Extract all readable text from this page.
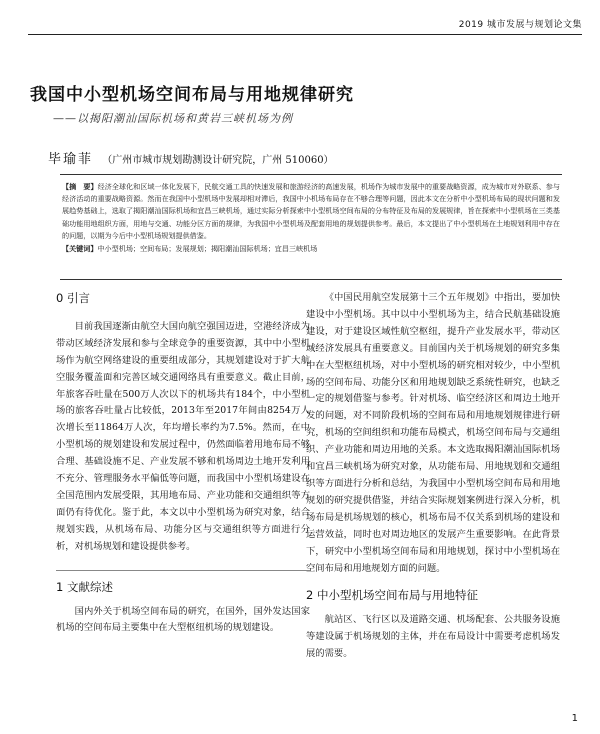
2019 城市发展与规划论文集
我国中小型机场空间布局与用地规律研究
——以揭阳潮汕国际机场和黄岩三峡机场为例
毕瑜菲 （广州市城市规划勘测设计研究院，广州 510060）
【摘　要】经济全球化和区域一体化发展下，民航交通工具的快速发展和旅游经济的高速发展，机场作为城市发展中的重要战略资源，成为城市对外联系、参与经济活动的重要战略资源。然而在我国中小型机场中发展却相对滞后，我国中小机场布局存在不够合理等问题，因此本文在分析中小型机场布局的现状问题和发展趋势基础上，选取了揭阳潮汕国际机场和宜昌三峡机场，通过实际分析探索中小型机场空间布局的分布特征及布局的发展规律，旨在探索中小型机场在三类基础功能用地组织方面，用地与交通、功能分区方面的规律，为我国中小型机场及配套用地的规划提供参考。最后，本文提出了中小型机场在土地规划利用中存在的问题，以期为今后中小型机场规划提供借鉴。
【关键词】中小型机场；空间布局；发展规划；揭阳潮汕国际机场；宜昌三峡机场
0 引言

目前我国逐渐由航空大国向航空强国迈进，空港经济成为带动区域经济发展和参与全球竞争的重要资源，其中中小型机场作为航空网络建设的重要组成部分，其规划建设对于扩大航空服务覆盖面和完善区域交通网络具有重要意义。截止目前，年旅客吞吐量在500万人次以下的机场共有184个，中小型机场的旅客吞吐量占比较低，2013年至2017年间由8254万人次增长至11864万人次，年均增长率约为7.5%。然而，在中小型机场的规划建设和发展过程中，仍然面临着用地布局不够合理、基础设施不足、产业发展不够和机场周边土地开发利用不充分、管理服务水平偏低等问题，而我国中小型机场建设在全国范围内发展受限，其用地布局、产业功能和交通组织等方面仍有待优化。鉴于此，本文以中小型机场为研究对象，结合规划实践，从机场布局、功能分区与交通组织等方面进行分析，对机场规划和建设提供参考。

1 文献综述

国内外关于机场空间布局的研究，在国外，国外发达国家机场的空间布局主要集中在大型枢纽机场的规划建设。

《中国民用航空发展第十三个五年规划》中指出，要加快建设中小型机场。其中以中小型机场为主，结合民航基础设施建设，对于建设区域性航空枢纽，提升产业发展水平，带动区域经济发展具有重要意义。目前国内关于机场规划的研究多集中在大型枢纽机场，对中小型机场的研究相对较少，中小型机场的空间布局、功能分区和用地规划缺乏系统性研究，也缺乏一定的规划借鉴与参考。针对机场、临空经济区和周边土地开发的问题，对不同阶段机场的空间布局和用地规划规律进行研究，机场的空间组织和功能布局模式，机场空间布局与交通组织、产业功能和周边用地的关系。本文选取揭阳潮汕国际机场和宜昌三峡机场为研究对象，从功能布局、用地规划和交通组织等方面进行分析和总结，为我国中小型机场空间布局和用地规划的研究提供借鉴，并结合实际规划案例进行深入分析，机场布局是机场规划的核心，机场布局不仅关系到机场的建设和运营效益，同时也对周边地区的发展产生重要影响。在此背景下，研究中小型机场空间布局和用地规划，探讨中小型机场在空间布局和用地规划方面的问题。

2 中小型机场空间布局与用地特征

航站区、飞行区以及道路交通、机场配套、公共服务设施等建设属于机场规划的主体，并在布局设计中需要考虑机场发展的需要。

1
